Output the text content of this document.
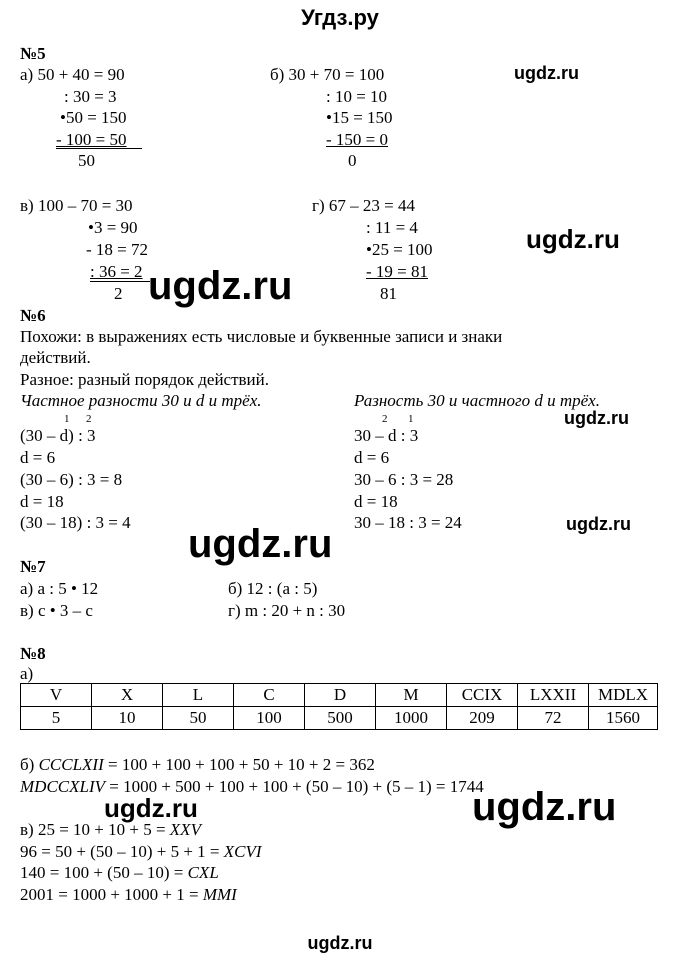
Угдз.ру
ugdz.ru
ugdz.ru
ugdz.ru
ugdz.ru
ugdz.ru
ugdz.ru
ugdz.ru	ugdz.ru
ugdz.ru
№5
а) 50 + 40 = 90
: 30 = 3
•50 = 150
- 100 = 50
50
б) 30 + 70 = 100
: 10 = 10
•15 = 150
- 150 = 0
0
в) 100 – 70 = 30
•3 = 90
- 18 = 72
: 36 = 2
2
г) 67 – 23 = 44
: 11 = 4
•25 = 100
- 19 = 81
81
№6
Похожи: в выражениях есть числовые и буквенные записи и знаки
действий.
Разное: разный порядок действий.
Частное разности 30 и d и трёх.
1 2
(30 – d) : 3
d = 6
(30 – 6) : 3 = 8
d = 18
(30 – 18) : 3 = 4
Разность 30 и частного d и трёх.
2 1
30 – d : 3
d = 6
30 – 6 : 3 = 28
d = 18
30 – 18 : 3 = 24
№7
а) а : 5 • 12	б) 12 : (а : 5)
в) с • 3 – с	г) m : 20 + n : 30
№8
а)
V	X	L	C	D	M	CCIX	LXXII	MDLX
5	10	50	100	500	1000	209	72	1560
б) CCCLXII = 100 + 100 + 100 + 50 + 10 + 2 = 362
MDCCXLIV = 1000 + 500 + 100 + 100 + (50 – 10) + (5 – 1) = 1744
в) 25 = 10 + 10 + 5 = XXV
96 = 50 + (50 – 10) + 5 + 1 = XCVI
140 = 100 + (50 – 10) = CXL
2001 = 1000 + 1000 + 1 = MMI
